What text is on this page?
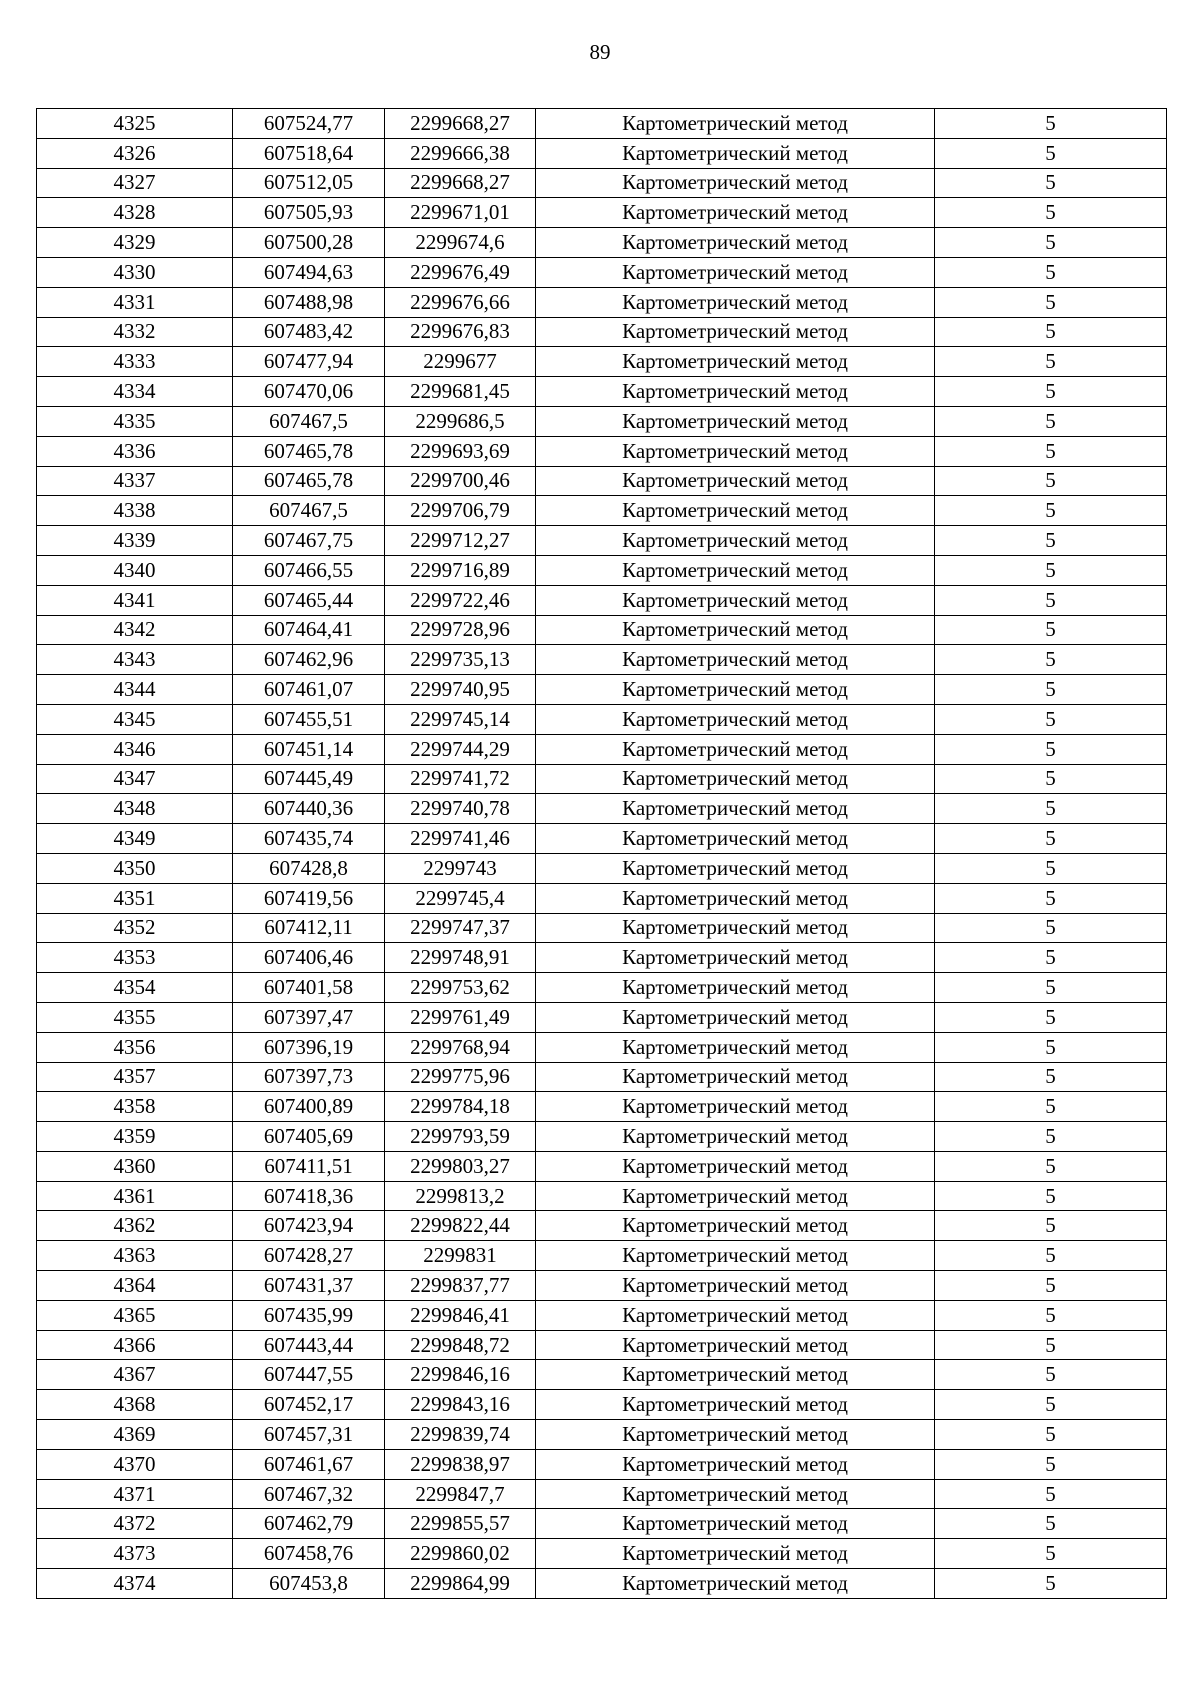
89
4325	607524,77	2299668,27	Картометрический метод	5
4326	607518,64	2299666,38	Картометрический метод	5
4327	607512,05	2299668,27	Картометрический метод	5
4328	607505,93	2299671,01	Картометрический метод	5
4329	607500,28	2299674,6	Картометрический метод	5
4330	607494,63	2299676,49	Картометрический метод	5
4331	607488,98	2299676,66	Картометрический метод	5
4332	607483,42	2299676,83	Картометрический метод	5
4333	607477,94	2299677	Картометрический метод	5
4334	607470,06	2299681,45	Картометрический метод	5
4335	607467,5	2299686,5	Картометрический метод	5
4336	607465,78	2299693,69	Картометрический метод	5
4337	607465,78	2299700,46	Картометрический метод	5
4338	607467,5	2299706,79	Картометрический метод	5
4339	607467,75	2299712,27	Картометрический метод	5
4340	607466,55	2299716,89	Картометрический метод	5
4341	607465,44	2299722,46	Картометрический метод	5
4342	607464,41	2299728,96	Картометрический метод	5
4343	607462,96	2299735,13	Картометрический метод	5
4344	607461,07	2299740,95	Картометрический метод	5
4345	607455,51	2299745,14	Картометрический метод	5
4346	607451,14	2299744,29	Картометрический метод	5
4347	607445,49	2299741,72	Картометрический метод	5
4348	607440,36	2299740,78	Картометрический метод	5
4349	607435,74	2299741,46	Картометрический метод	5
4350	607428,8	2299743	Картометрический метод	5
4351	607419,56	2299745,4	Картометрический метод	5
4352	607412,11	2299747,37	Картометрический метод	5
4353	607406,46	2299748,91	Картометрический метод	5
4354	607401,58	2299753,62	Картометрический метод	5
4355	607397,47	2299761,49	Картометрический метод	5
4356	607396,19	2299768,94	Картометрический метод	5
4357	607397,73	2299775,96	Картометрический метод	5
4358	607400,89	2299784,18	Картометрический метод	5
4359	607405,69	2299793,59	Картометрический метод	5
4360	607411,51	2299803,27	Картометрический метод	5
4361	607418,36	2299813,2	Картометрический метод	5
4362	607423,94	2299822,44	Картометрический метод	5
4363	607428,27	2299831	Картометрический метод	5
4364	607431,37	2299837,77	Картометрический метод	5
4365	607435,99	2299846,41	Картометрический метод	5
4366	607443,44	2299848,72	Картометрический метод	5
4367	607447,55	2299846,16	Картометрический метод	5
4368	607452,17	2299843,16	Картометрический метод	5
4369	607457,31	2299839,74	Картометрический метод	5
4370	607461,67	2299838,97	Картометрический метод	5
4371	607467,32	2299847,7	Картометрический метод	5
4372	607462,79	2299855,57	Картометрический метод	5
4373	607458,76	2299860,02	Картометрический метод	5
4374	607453,8	2299864,99	Картометрический метод	5
